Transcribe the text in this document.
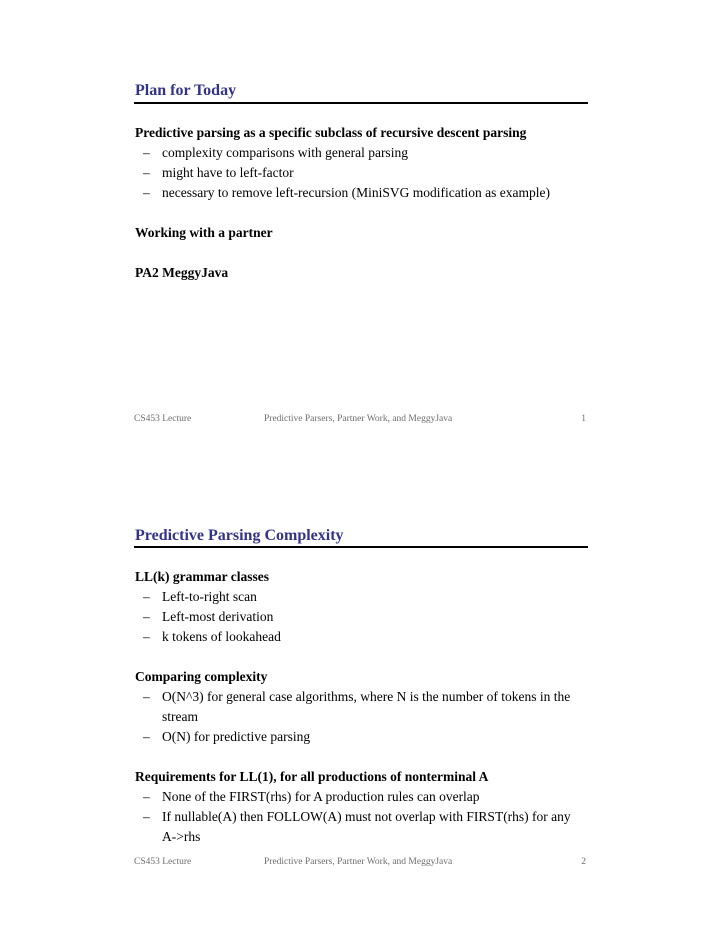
Plan for Today
Predictive parsing as a specific subclass of recursive descent parsing
– complexity comparisons with general parsing
– might have to left-factor
– necessary to remove left-recursion (MiniSVG modification as example)
Working with a partner
PA2 MeggyJava
CS453 Lecture	Predictive Parsers, Partner Work, and MeggyJava	1
Predictive Parsing Complexity
LL(k) grammar classes
– Left-to-right scan
– Left-most derivation
– k tokens of lookahead
Comparing complexity
– O(N^3) for general case algorithms, where N is the number of tokens in the stream
– O(N) for predictive parsing
Requirements for LL(1), for all productions of nonterminal A
– None of the FIRST(rhs) for A production rules can overlap
– If nullable(A) then FOLLOW(A) must not overlap with FIRST(rhs) for any A->rhs
CS453 Lecture	Predictive Parsers, Partner Work, and MeggyJava	2
